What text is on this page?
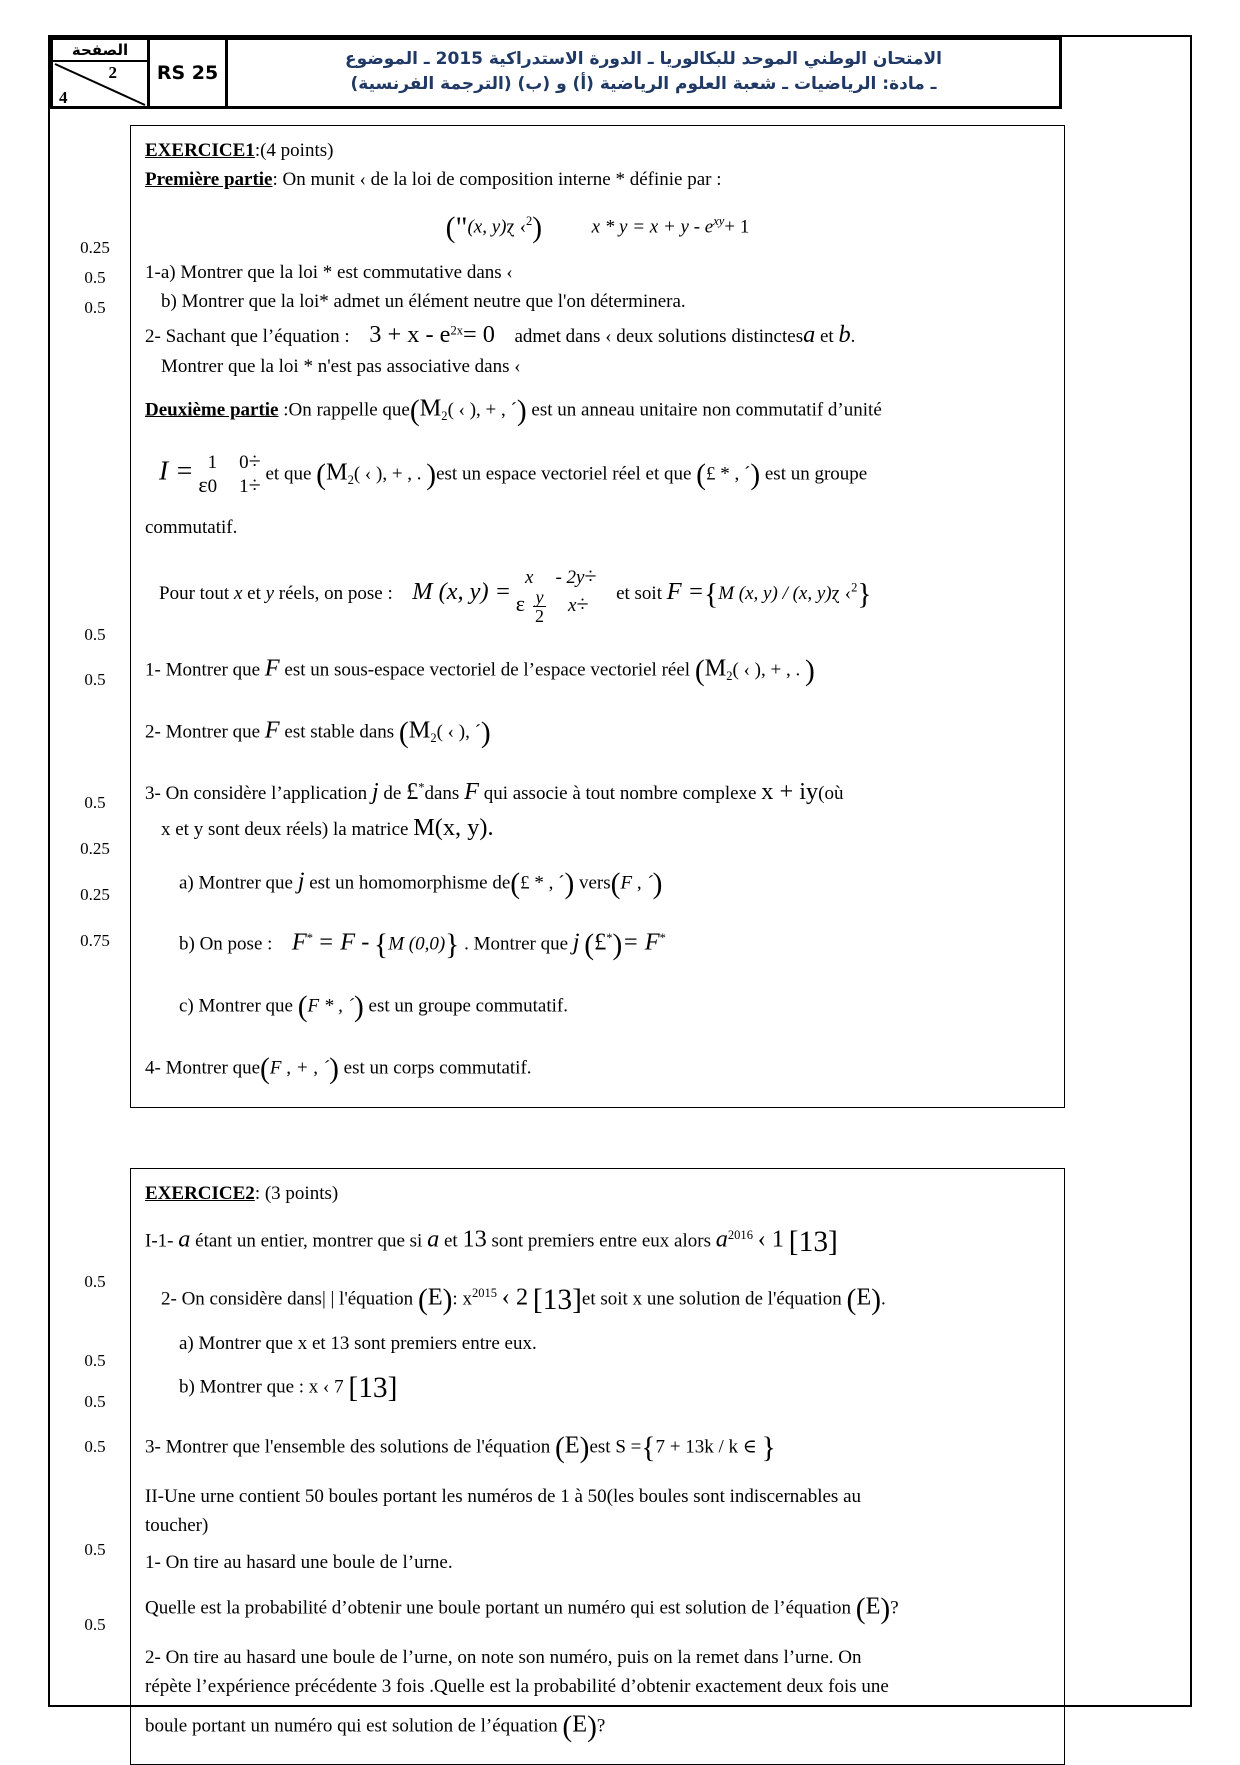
الصفحة
2
4
RS 25
الامتحان الوطني الموحد للبكالوريا ـ الدورة الاستدراكية 2015 ـ الموضوع
ـ مادة: الرياضيات ـ شعبة العلوم الرياضية (أ) و (ب) (الترجمة الفرنسية)
0.25
0.5
0.5
0.5
0.5
0.5
0.25
0.25
0.75
EXERCICE1:(4 points)
Première partie: On munit ‹ de la loi de composition interne * définie par :
("(x, y)ɀ ‹$^2$)	$x * y = x + y - e^{xy}+ 1$
1-a) Montrer que la loi * est commutative dans ‹
b) Montrer que la loi* admet un élément neutre que l'on déterminera.
2- Sachant que l’équation : $3 + x - e^{2x}= 0$ admet dans ‹ deux solutions distinctesa et b.
Montrer que la loi * n'est pas associative dans ‹
Deuxième partie :On rappelle $que(M_2$( ‹ ), + , ´) est un anneau unitaire non commutatif d’unité
I = ɛ
1 0÷
0 1÷ et que ($M_2$( ‹ ), + , . )est un espace vectoriel réel et que (£ * , ´) est un groupe
commutatif.
Pour tout x et y réels, on pose : M (x, y) = ɛ
x - 2y÷
$\frac{y}{2} x\div$	et soit F ={M (x, y) / (x, y)ɀ ‹$^2$}
1- Montrer que F est un sous-espace vectoriel de l’espace vectoriel réel ($M_2$( ‹ ), + , . )
2- Montrer que F est stable dans ($M_2$( ‹ ), ´)
3- On considère l’application j de £*dans F qui associe à tout nombre complexe x + iy(où
x et y sont deux réels) la matrice M(x, y).
a) Montrer que j est un homomorphisme de(£ * , ´) vers(F , ´)
b) On pose : F* = F - {M (0,0)} . Montrer que j (£*)= F*
c) Montrer que (F * , ´) est un groupe commutatif.
4- Montrer que(F , + , ´) est un corps commutatif.
0.5
0.5
0.5
0.5
0.5
0.5
EXERCICE2: (3 points)
I-1- a étant un entier, montrer que si a et 13 sont premiers entre eux alors $a^{2016}$ ‹ 1 [13]
2- On considère dans| | l'équation (E): $x^{2015}$ ‹ 2 [13]et soit x une solution de l'équation (E).
a) Montrer que x et 13 sont premiers entre eux.
b) Montrer que : x ‹ 7 [13]
3- Montrer que l'ensemble des solutions de l'équation (E)est S ={7 + 13k / k ∈ }
II-Une urne contient 50 boules portant les numéros de 1 à 50(les boules sont indiscernables au
toucher)
1- On tire au hasard une boule de l’urne.
Quelle est la probabilité d’obtenir une boule portant un numéro qui est solution de l’équation (E)?
2- On tire au hasard une boule de l’urne, on note son numéro, puis on la remet dans l’urne. On
répète l’expérience précédente 3 fois .Quelle est la probabilité d’obtenir exactement deux fois une
boule portant un numéro qui est solution de l’équation (E)?
